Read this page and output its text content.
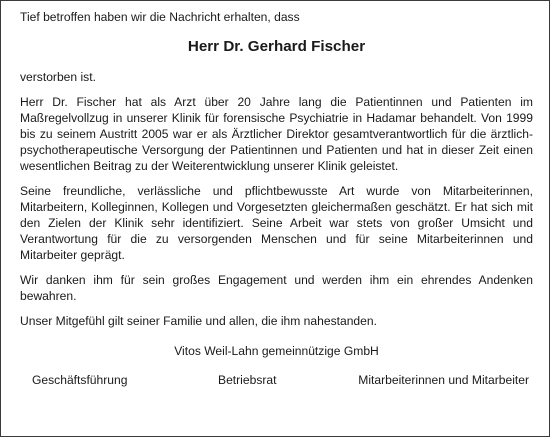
Tief betroffen haben wir die Nachricht erhalten, dass

Herr Dr. Gerhard Fischer

verstorben ist.

Herr Dr. Fischer hat als Arzt über 20 Jahre lang die Patientinnen und Patienten im Maßregelvollzug in unserer Klinik für forensische Psychiatrie in Hadamar behandelt. Von 1999 bis zu seinem Austritt 2005 war er als Ärztlicher Direktor gesamtverantwortlich für die ärztlich-psychotherapeutische Versorgung der Patientinnen und Patienten und hat in dieser Zeit einen wesentlichen Beitrag zu der Weiterentwicklung unserer Klinik geleistet.

Seine freundliche, verlässliche und pflichtbewusste Art wurde von Mitarbeiterinnen, Mitarbeitern, Kolleginnen, Kollegen und Vorgesetzten gleichermaßen geschätzt. Er hat sich mit den Zielen der Klinik sehr identifiziert. Seine Arbeit war stets von großer Umsicht und Verantwortung für die zu versorgenden Menschen und für seine Mitarbeiterinnen und Mitarbeiter geprägt.

Wir danken ihm für sein großes Engagement und werden ihm ein ehrendes Andenken bewahren.

Unser Mitgefühl gilt seiner Familie und allen, die ihm nahestanden.

Vitos Weil-Lahn gemeinnützige GmbH

Geschäftsführung	Betriebsrat	Mitarbeiterinnen und Mitarbeiter
